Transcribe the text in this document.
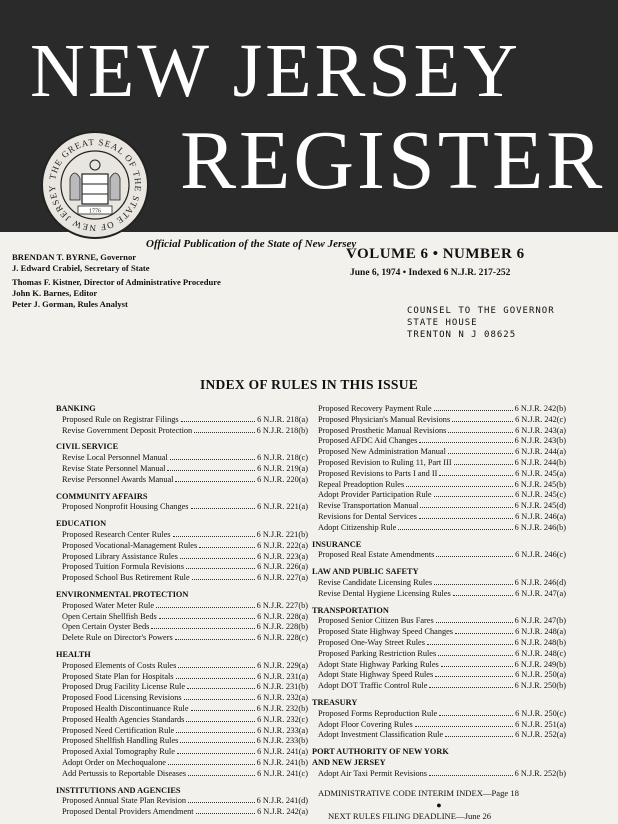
NEW JERSEY
REGISTER
THE GREAT SEAL OF THE STATE OF NEW JERSEY
1776
Official Publication of the State of New Jersey
BRENDAN T. BYRNE, Governor
J. Edward Crabiel, Secretary of State
Thomas F. Kistner, Director of Administrative Procedure
John K. Barnes, Editor
Peter J. Gorman, Rules Analyst
VOLUME 6 • NUMBER 6
June 6, 1974 • Indexed 6 N.J.R. 217-252
COUNSEL TO THE GOVERNOR
STATE HOUSE
TRENTON N J 08625
INDEX OF RULES IN THIS ISSUE
BANKING
Proposed Rule on Registrar Filings	6 N.J.R. 218(a)
Revise Government Deposit Protection	6 N.J.R. 218(b)
CIVIL SERVICE
Revise Local Personnel Manual	6 N.J.R. 218(c)
Revise State Personnel Manual	6 N.J.R. 219(a)
Revise Personnel Awards Manual	6 N.J.R. 220(a)
COMMUNITY AFFAIRS
Proposed Nonprofit Housing Changes	6 N.J.R. 221(a)
EDUCATION
Proposed Research Center Rules	6 N.J.R. 221(b)
Proposed Vocational-Management Rules	6 N.J.R. 222(a)
Proposed Library Assistance Rules	6 N.J.R. 223(a)
Proposed Tuition Formula Revisions	6 N.J.R. 226(a)
Proposed School Bus Retirement Rule	6 N.J.R. 227(a)
ENVIRONMENTAL PROTECTION
Proposed Water Meter Rule	6 N.J.R. 227(b)
Open Certain Shellfish Beds	6 N.J.R. 228(a)
Open Certain Oyster Beds	6 N.J.R. 228(b)
Delete Rule on Director's Powers	6 N.J.R. 228(c)
HEALTH
Proposed Elements of Costs Rules	6 N.J.R. 229(a)
Proposed State Plan for Hospitals	6 N.J.R. 231(a)
Proposed Drug Facility License Rule	6 N.J.R. 231(b)
Proposed Food Licensing Revisions	6 N.J.R. 232(a)
Proposed Health Discontinuance Rule	6 N.J.R. 232(b)
Proposed Health Agencies Standards	6 N.J.R. 232(c)
Proposed Need Certification Rule	6 N.J.R. 233(a)
Proposed Shellfish Handling Rules	6 N.J.R. 233(b)
Proposed Axial Tomography Rule	6 N.J.R. 241(a)
Adopt Order on Mechoqualone	6 N.J.R. 241(b)
Add Pertussis to Reportable Diseases	6 N.J.R. 241(c)
INSTITUTIONS AND AGENCIES
Proposed Annual State Plan Revision	6 N.J.R. 241(d)
Proposed Dental Providers Amendment	6 N.J.R. 242(a)
Proposed Recovery Payment Rule	6 N.J.R. 242(b)
Proposed Physician's Manual Revisions	6 N.J.R. 242(c)
Proposed Prosthetic Manual Revisions	6 N.J.R. 243(a)
Proposed AFDC Aid Changes	6 N.J.R. 243(b)
Proposed New Administration Manual	6 N.J.R. 244(a)
Proposed Revision to Ruling 11, Part III	6 N.J.R. 244(b)
Proposed Revisions to Parts I and II	6 N.J.R. 245(a)
Repeal Preadoption Rules	6 N.J.R. 245(b)
Adopt Provider Participation Rule	6 N.J.R. 245(c)
Revise Transportation Manual	6 N.J.R. 245(d)
Revisions for Dental Services	6 N.J.R. 246(a)
Adopt Citizenship Rule	6 N.J.R. 246(b)
INSURANCE
Proposed Real Estate Amendments	6 N.J.R. 246(c)
LAW AND PUBLIC SAFETY
Revise Candidate Licensing Rules	6 N.J.R. 246(d)
Revise Dental Hygiene Licensing Rules	6 N.J.R. 247(a)
TRANSPORTATION
Proposed Senior Citizen Bus Fares	6 N.J.R. 247(b)
Proposed State Highway Speed Changes	6 N.J.R. 248(a)
Proposed One-Way Street Rules	6 N.J.R. 248(b)
Proposed Parking Restriction Rules	6 N.J.R. 248(c)
Adopt State Highway Parking Rules	6 N.J.R. 249(b)
Adopt State Highway Speed Rules	6 N.J.R. 250(a)
Adopt DOT Traffic Control Rule	6 N.J.R. 250(b)
TREASURY
Proposed Forms Reproduction Rule	6 N.J.R. 250(c)
Adopt Floor Covering Rules	6 N.J.R. 251(a)
Adopt Investment Classification Rule	6 N.J.R. 252(a)
PORT AUTHORITY OF NEW YORK
AND NEW JERSEY
Adopt Air Taxi Permit Revisions	6 N.J.R. 252(b)
ADMINISTRATIVE CODE INTERIM INDEX—Page 18
●
NEXT RULES FILING DEADLINE—June 26
